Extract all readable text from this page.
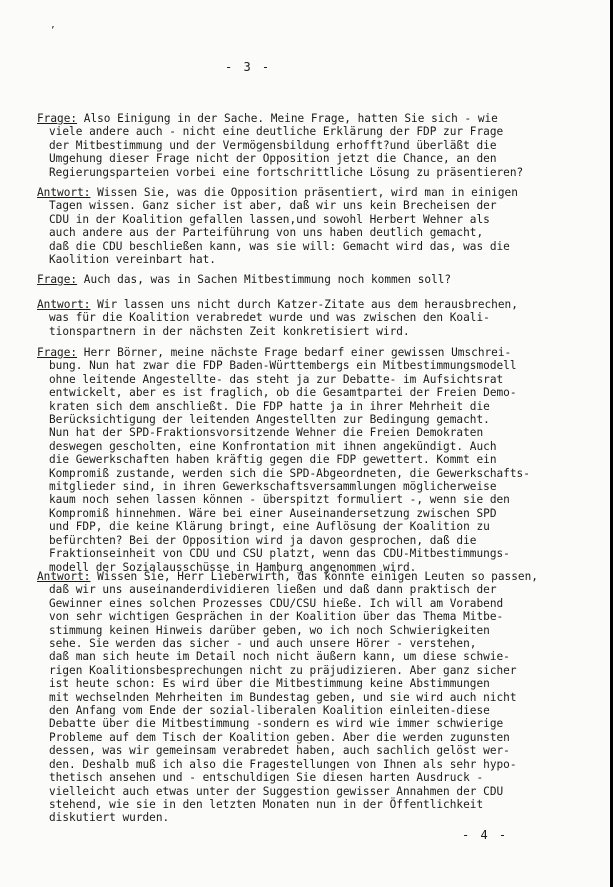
’
- 3 -
Frage: Also Einigung in der Sache. Meine Frage, hatten Sie sich - wie
viele andere auch - nicht eine deutliche Erklärung der FDP zur Frage
der Mitbestimmung und der Vermögensbildung erhofft?und überläßt die
Umgehung dieser Frage nicht der Opposition jetzt die Chance, an den
Regierungsparteien vorbei eine fortschrittliche Lösung zu präsentieren?
Antwort: Wissen Sie, was die Opposition präsentiert, wird man in einigen
Tagen wissen. Ganz sicher ist aber, daß wir uns kein Brecheisen der
CDU in der Koalition gefallen lassen,und sowohl Herbert Wehner als
auch andere aus der Parteiführung von uns haben deutlich gemacht,
daß die CDU beschließen kann, was sie will: Gemacht wird das, was die
Kaolition vereinbart hat.
Frage: Auch das, was in Sachen Mitbestimmung noch kommen soll?
Antwort: Wir lassen uns nicht durch Katzer-Zitate aus dem herausbrechen,
was für die Koalition verabredet wurde und was zwischen den Koali-
tionspartnern in der nächsten Zeit konkretisiert wird.
Frage: Herr Börner, meine nächste Frage bedarf einer gewissen Umschrei-
bung. Nun hat zwar die FDP Baden-Württembergs ein Mitbestimmungsmodell
ohne leitende Angestellte- das steht ja zur Debatte- im Aufsichtsrat
entwickelt, aber es ist fraglich, ob die Gesamtpartei der Freien Demo-
kraten sich dem anschließt. Die FDP hatte ja in ihrer Mehrheit die
Berücksichtigung der leitenden Angestellten zur Bedingung gemacht.
Nun hat der SPD-Fraktionsvorsitzende Wehner die Freien Demokraten
deswegen gescholten, eine Konfrontation mit ihnen angekündigt. Auch
die Gewerkschaften haben kräftig gegen die FDP gewettert. Kommt ein
Kompromiß zustande, werden sich die SPD-Abgeordneten, die Gewerkschafts-
mitglieder sind, in ihren Gewerkschaftsversammlungen möglicherweise
kaum noch sehen lassen können - überspitzt formuliert -, wenn sie den
Kompromiß hinnehmen. Wäre bei einer Auseinandersetzung zwischen SPD
und FDP, die keine Klärung bringt, eine Auflösung der Koalition zu
befürchten? Bei der Opposition wird ja davon gesprochen, daß die
Fraktionseinheit von CDU und CSU platzt, wenn das CDU-Mitbestimmungs-
modell der Sozialausschüsse in Hamburg angenommen wird.
Antwort: Wissen Sie, Herr Lieberwirth, das könnte einigen Leuten so passen,
daß wir uns auseinanderdividieren ließen und daß dann praktisch der
Gewinner eines solchen Prozesses CDU/CSU hieße. Ich will am Vorabend
von sehr wichtigen Gesprächen in der Koalition über das Thema Mitbe-
stimmung keinen Hinweis darüber geben, wo ich noch Schwierigkeiten
sehe. Sie werden das sicher - und auch unsere Hörer - verstehen,
daß man sich heute im Detail noch nicht äußern kann, um diese schwie-
rigen Koalitionsbesprechungen nicht zu präjudizieren. Aber ganz sicher
ist heute schon: Es wird über die Mitbestimmung keine Abstimmungen
mit wechselnden Mehrheiten im Bundestag geben, und sie wird auch nicht
den Anfang vom Ende der sozial-liberalen Koalition einleiten-diese
Debatte über die Mitbestimmung -sondern es wird wie immer schwierige
Probleme auf dem Tisch der Koalition geben. Aber die werden zugunsten
dessen, was wir gemeinsam verabredet haben, auch sachlich gelöst wer-
den. Deshalb muß ich also die Fragestellungen von Ihnen als sehr hypo-
thetisch ansehen und - entschuldigen Sie diesen harten Ausdruck -
vielleicht auch etwas unter der Suggestion gewisser Annahmen der CDU
stehend, wie sie in den letzten Monaten nun in der Öffentlichkeit
diskutiert wurden.
- 4 -
